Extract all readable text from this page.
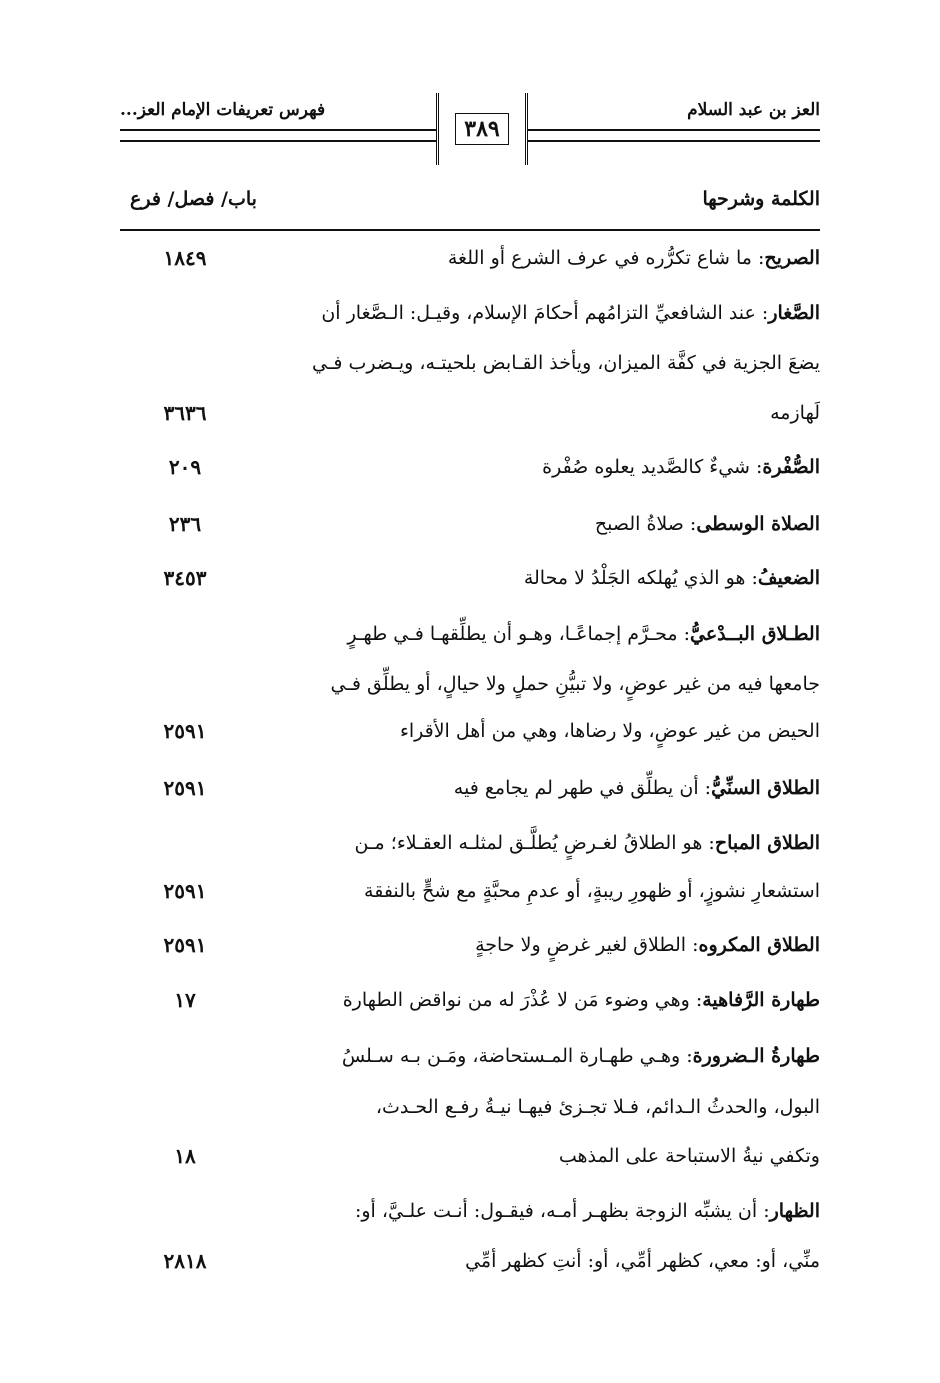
العز بن عبد السلام
فهرس تعريفات الإمام العز...
٣٨٩
الكلمة وشرحها
باب/ فصل/ فرع
الصريح: ما شاع تكرُّره في عرف الشرع أو اللغة
١٨٤٩
الصَّغار: عند الشافعيِّ التزامُهم أحكامَ الإسلام، وقيـل: الـصَّغار أن
يضعَ الجزية في كفَّة الميزان، ويأخذ القـابض بلحيتـه، ويـضرب فـي
لَهازمه
٣٦٣٦
الصُّفْرة: شيءٌ كالصَّديد يعلوه صُفْرة
٢٠٩
الصلاة الوسطى: صلاةُ الصبح
٢٣٦
الضعيفُ: هو الذي يُهلكه الجَلْدُ لا محالة
٣٤٥٣
الطـلاق البــدْعيُّ: محـرَّم إجماعًـا، وهـو أن يطلِّقهـا فـي طهـرٍ
جامعها فيه من غير عوضٍ، ولا تبيُّنِ حملٍ ولا حيالٍ، أو يطلِّق فـي
الحيض من غير عوضٍ، ولا رضاها، وهي من أهل الأقراء
٢٥٩١
الطلاق السنِّيُّ: أن يطلِّق في طهر لم يجامع فيه
٢٥٩١
الطلاق المباح: هو الطلاقُ لغـرضٍ يُطلَّـق لمثلـه العقـلاء؛ مـن
استشعارِ نشوزٍ، أو ظهورِ ريبةٍ، أو عدمِ محبَّةٍ مع شحٍّ بالنفقة
٢٥٩١
الطلاق المكروه: الطلاق لغير غرضٍ ولا حاجةٍ
٢٥٩١
طهارة الرَّفاهية: وهي وضوء مَن لا عُذْرَ له من نواقض الطهارة
١٧
طهارةُ الـضرورة: وهـي طهـارة المـستحاضة، ومَـن بـه سـلسُ
البول، والحدثُ الـدائم، فـلا تجـزئ فيهـا نيـةُ رفـع الحـدث،
وتكفي نيةُ الاستباحة على المذهب
١٨
الظهار: أن يشبِّه الزوجة بظهـر أمـه، فيقـول: أنـت علـيَّ، أو:
منِّي، أو: معي، كظهر أمِّي، أو: أنتِ كظهر أمِّي
٢٨١٨
